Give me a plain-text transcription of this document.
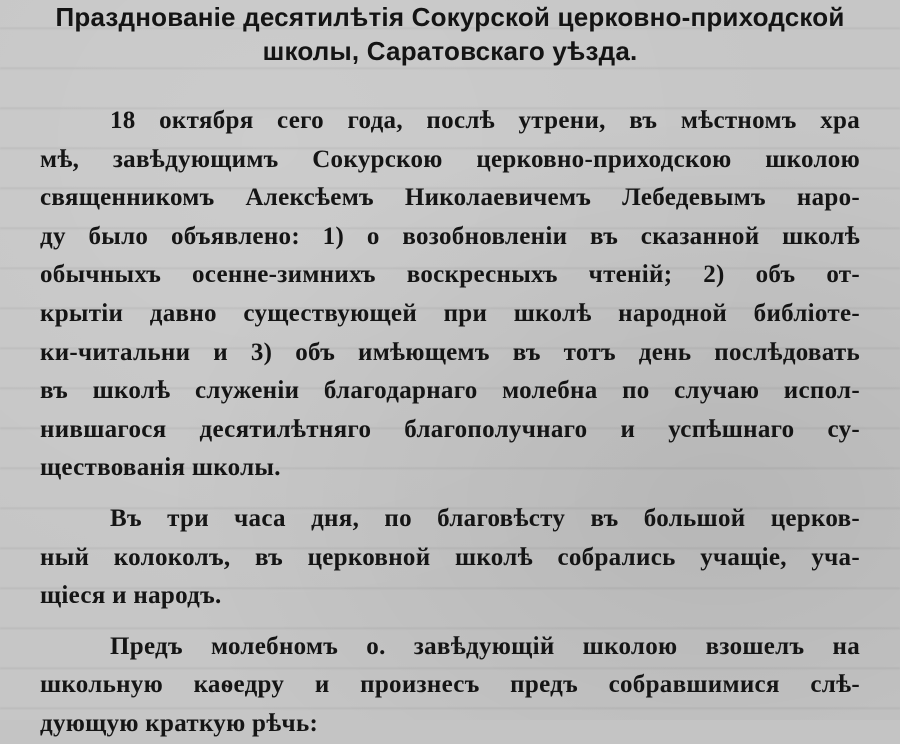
Празднованіе десятилѣтія Сокурской церковно-приходской
школы, Саратовскаго уѣзда.
18 октября сего года, послѣ утрени, въ мѣстномъ хра
мѣ, завѣдующимъ Сокурскою церковно-приходскою школою
священникомъ Алексѣемъ Николаевичемъ Лебедевымъ наро-
ду было объявлено: 1) о возобновленіи въ сказанной школѣ
обычныхъ осенне-зимнихъ воскресныхъ чтеній; 2) объ от-
крытіи давно существующей при школѣ народной библіоте-
ки-читальни и 3) объ имѣющемъ въ тотъ день послѣдовать
въ школѣ служеніи благодарнаго молебна по случаю испол-
нившагося десятилѣтняго благополучнаго и успѣшнаго су-
ществованія школы.
Въ три часа дня, по благовѣсту въ большой церков-
ный колоколъ, въ церковной школѣ собрались учащіе, уча-
щіеся и народъ.
Предъ молебномъ о. завѣдующій школою взошелъ на
школьную каѳедру и произнесъ предъ собравшимися слѣ-
дующую краткую рѣчь:
